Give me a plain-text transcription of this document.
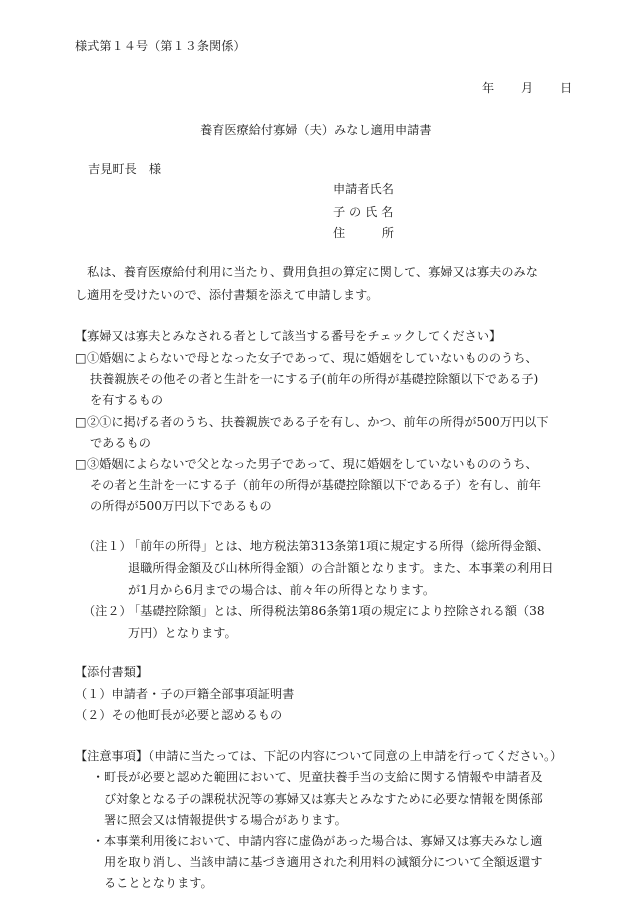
様式第１４号（第１３条関係）
年 月 日
養育医療給付寡婦（夫）みなし適用申請書
吉見町長　様
申請者氏名
子 の 氏 名
住　　　所
　私は、養育医療給付利用に当たり、費用負担の算定に関して、寡婦又は寡夫のみな
し適用を受けたいので、添付書類を添えて申請します。
【寡婦又は寡夫とみなされる者として該当する番号をチェックしてください】
□ ①婚姻によらないで母となった女子であって、現に婚姻をしていないもののうち、
扶養親族その他その者と生計を一にする子(前年の所得が基礎控除額以下である子)
を有するもの
□ ②①に掲げる者のうち、扶養親族である子を有し、かつ、前年の所得が500万円以下
であるもの
□ ③婚姻によらないで父となった男子であって、現に婚姻をしていないもののうち、
その者と生計を一にする子（前年の所得が基礎控除額以下である子）を有し、前年
の所得が500万円以下であるもの
（注１）
「前年の所得」とは、地方税法第313条第1項に規定する所得（総所得金額、
退職所得金額及び山林所得金額）の合計額となります。また、本事業の利用日
が1月から6月までの場合は、前々年の所得となります。
（注２）
「基礎控除額」とは、所得税法第86条第1項の規定により控除される額（38
万円）となります。
【添付書類】
（１）申請者・子の戸籍全部事項証明書
（２）その他町長が必要と認めるもの
【注意事項】（申請に当たっては、下記の内容について同意の上申請を行ってください。）
・ 町長が必要と認めた範囲において、児童扶養手当の支給に関する情報や申請者及
び対象となる子の課税状況等の寡婦又は寡夫とみなすために必要な情報を関係部
署に照会又は情報提供する場合があります。
・ 本事業利用後において、申請内容に虚偽があった場合は、寡婦又は寡夫みなし適
用を取り消し、当該申請に基づき適用された利用料の減額分について全額返還す
ることとなります。
